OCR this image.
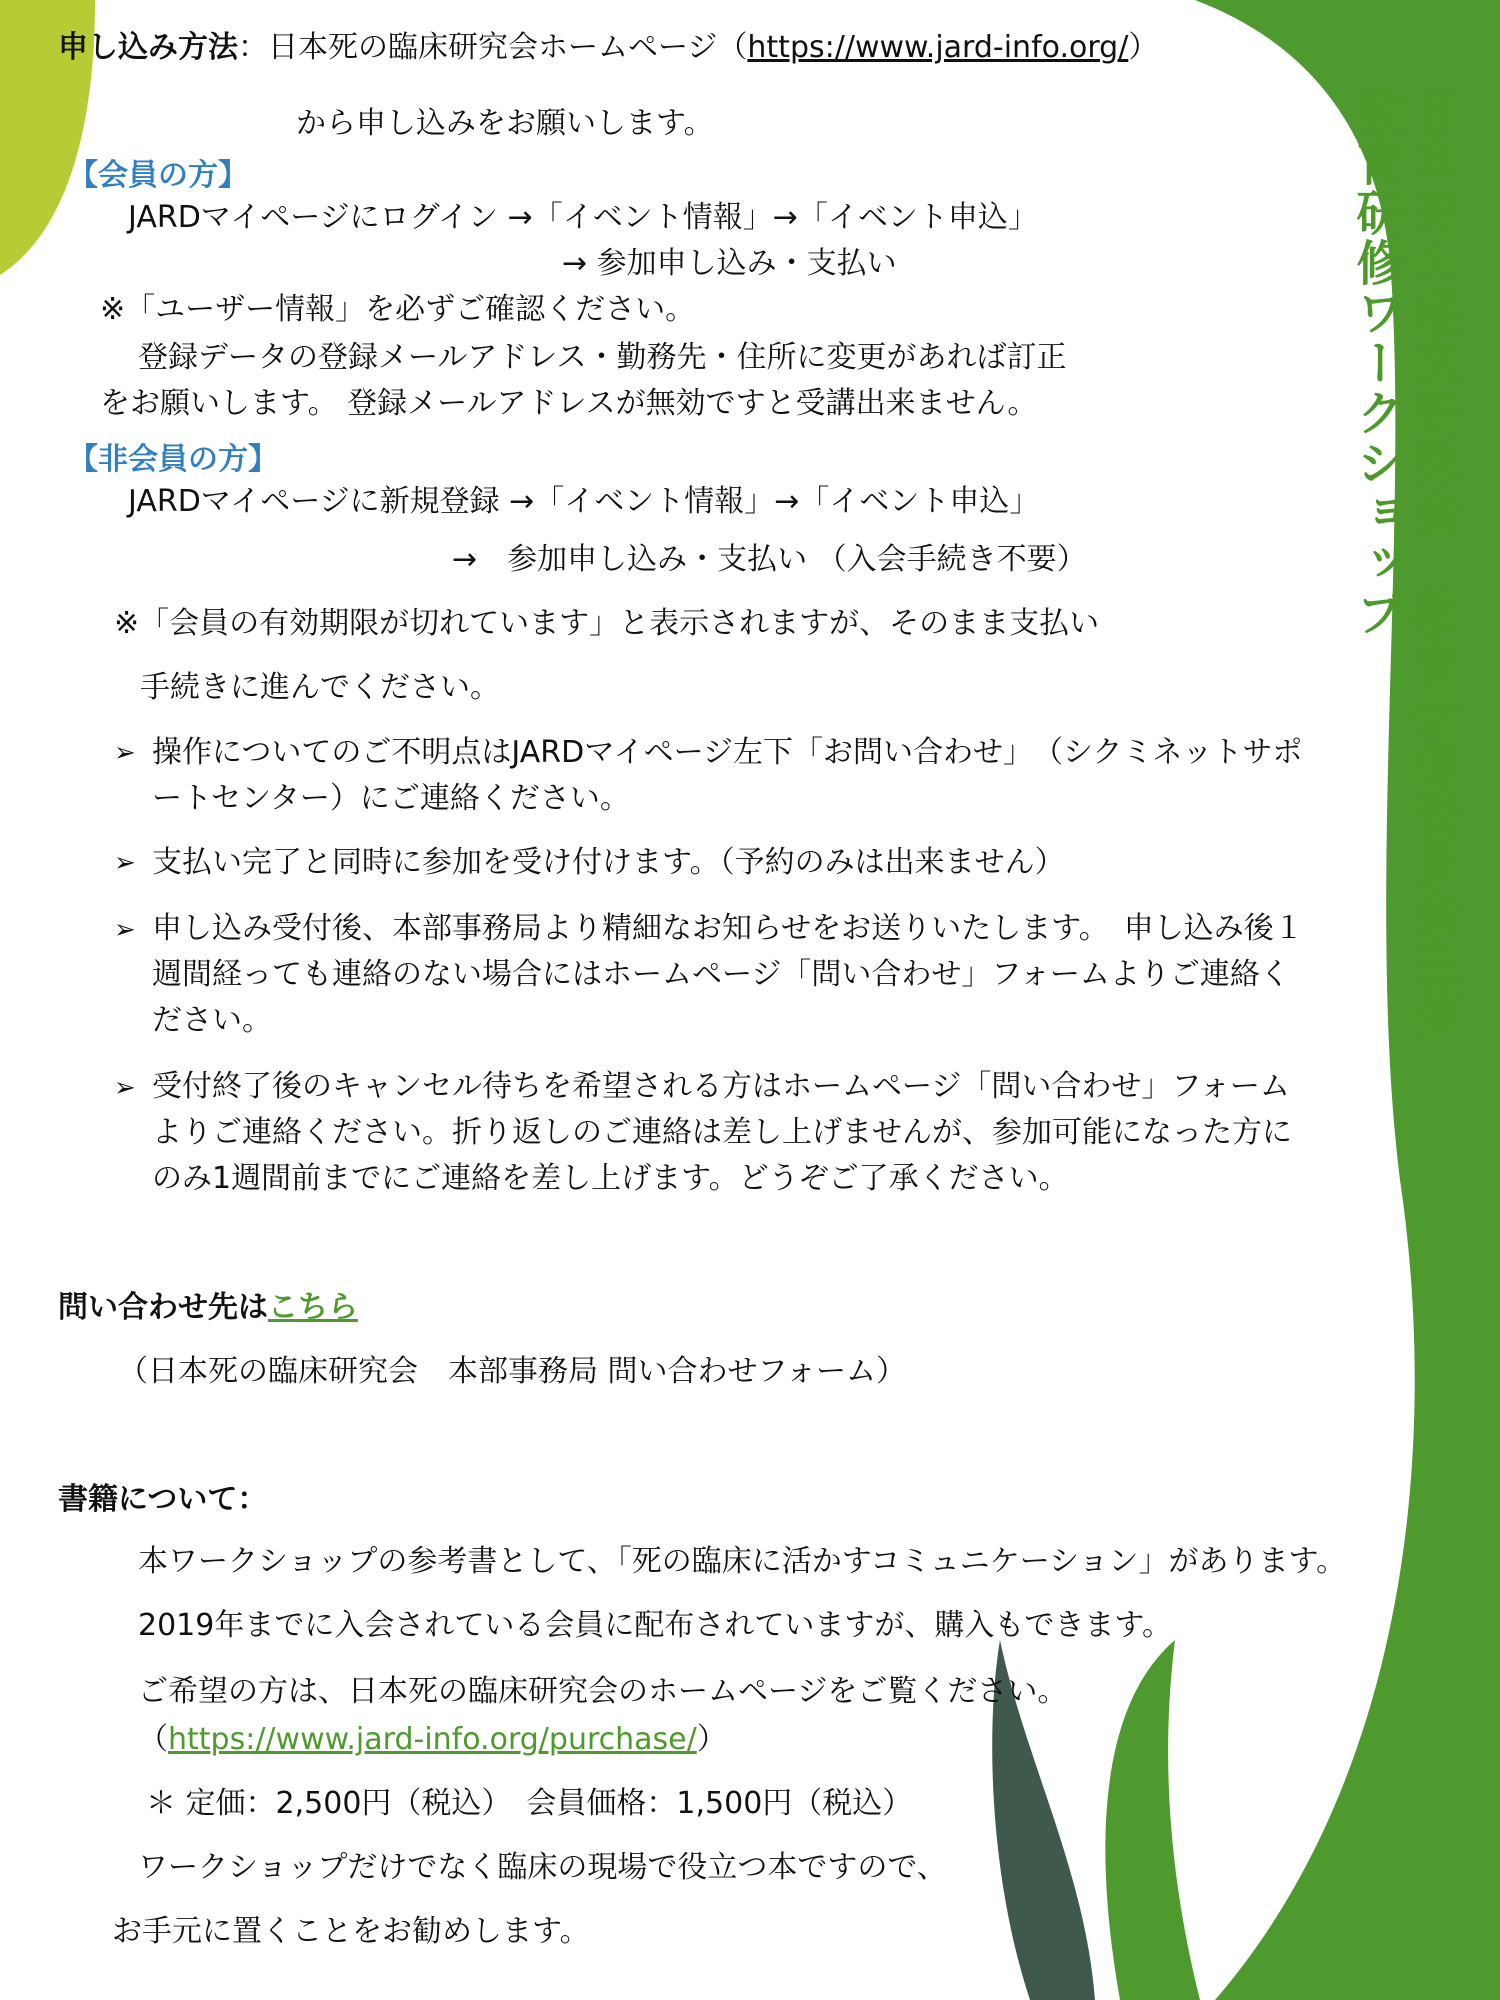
日本死の臨床研究会　教育研修委員会主催
教育研修ワークショップ
申し込み方法：日本死の臨床研究会ホームページ（https://www.jard-info.org/）
から申し込みをお願いします。
【会員の方】
JARDマイページにログイン →「イベント情報」→「イベント申込」
→ 参加申し込み・支払い
※「ユーザー情報」を必ずご確認ください。
登録データの登録メールアドレス・勤務先・住所に変更があれば訂正
をお願いします。 登録メールアドレスが無効ですと受講出来ません。
【非会員の方】
JARDマイページに新規登録 →「イベント情報」→「イベント申込」
→　参加申し込み・支払い （入会手続き不要）
※「会員の有効期限が切れています」と表示されますが、そのまま支払い
手続きに進んでください。
➢ 操作についてのご不明点はJARDマイページ左下「お問い合わせ」　（シクミネットサポートセンター）にご連絡ください。
➢ 支払い完了と同時に参加を受け付けます。（予約のみは出来ません）
➢ 申し込み受付後、本部事務局より精細なお知らせをお送りいたします。　申し込み後１週間経っても連絡のない場合にはホームページ「問い合わせ」フォームよりご連絡ください。
➢ 受付終了後のキャンセル待ちを希望される方はホームページ「問い合わせ」フォームよりご連絡ください。折り返しのご連絡は差し上げませんが、参加可能になった方にのみ1週間前までにご連絡を差し上げます。どうぞご了承ください。
問い合わせ先はこちら
（日本死の臨床研究会　本部事務局 問い合わせフォーム）
書籍について：
本ワークショップの参考書として、「死の臨床に活かすコミュニケーション」があります。
2019年までに入会されている会員に配布されていますが、購入もできます。
ご希望の方は、日本死の臨床研究会のホームページをご覧ください。
（https://www.jard-info.org/purchase/）
＊ 定価：2,500円（税込）　会員価格：1,500円（税込）
ワークショップだけでなく臨床の現場で役立つ本ですので、
お手元に置くことをお勧めします。
